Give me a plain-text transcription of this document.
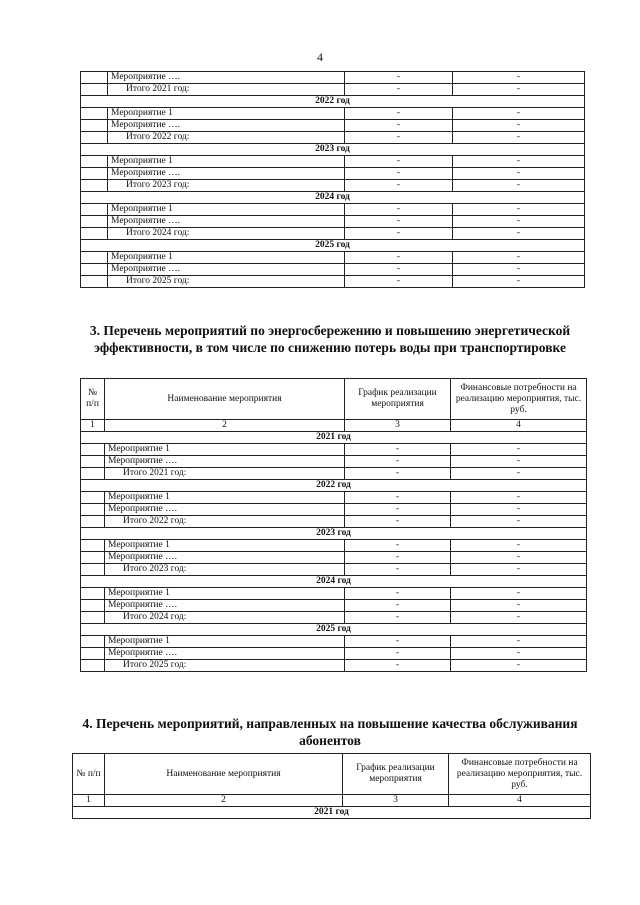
4
	Мероприятие ….	-	-
	Итого 2021 год:	-	-
2022 год			
	Мероприятие 1	-	-
	Мероприятие ….	-	-
	Итого 2022 год:	-	-
2023 год			
	Мероприятие 1	-	-
	Мероприятие ….	-	-
	Итого 2023 год:	-	-
2024 год			
	Мероприятие 1	-	-
	Мероприятие ….	-	-
	Итого 2024 год:	-	-
2025 год			
	Мероприятие 1	-	-
	Мероприятие ….	-	-
	Итого 2025 год:	-	-
3. Перечень мероприятий по энергосбережению и повышению энергетической эффективности, в том числе по снижению потерь воды при транспортировке
№ п/п	Наименование мероприятия	График реализации мероприятия	Финансовые потребности на реализацию мероприятия, тыс. руб.
1	2	3	4
2021 год			
	Мероприятие 1	-	-
	Мероприятие ….	-	-
	Итого 2021 год:	-	-
2022 год			
	Мероприятие 1	-	-
	Мероприятие ….	-	-
	Итого 2022 год:	-	-
2023 год			
	Мероприятие 1	-	-
	Мероприятие ….	-	-
	Итого 2023 год:	-	-
2024 год			
	Мероприятие 1	-	-
	Мероприятие ….	-	-
	Итого 2024 год:	-	-
2025 год			
	Мероприятие 1	-	-
	Мероприятие ….	-	-
	Итого 2025 год:	-	-
4. Перечень мероприятий, направленных на повышение качества обслуживания абонентов
№ п/п	Наименование мероприятия	График реализации мероприятия	Финансовые потребности на реализацию мероприятия, тыс. руб.
1	2	3	4
2021 год			
